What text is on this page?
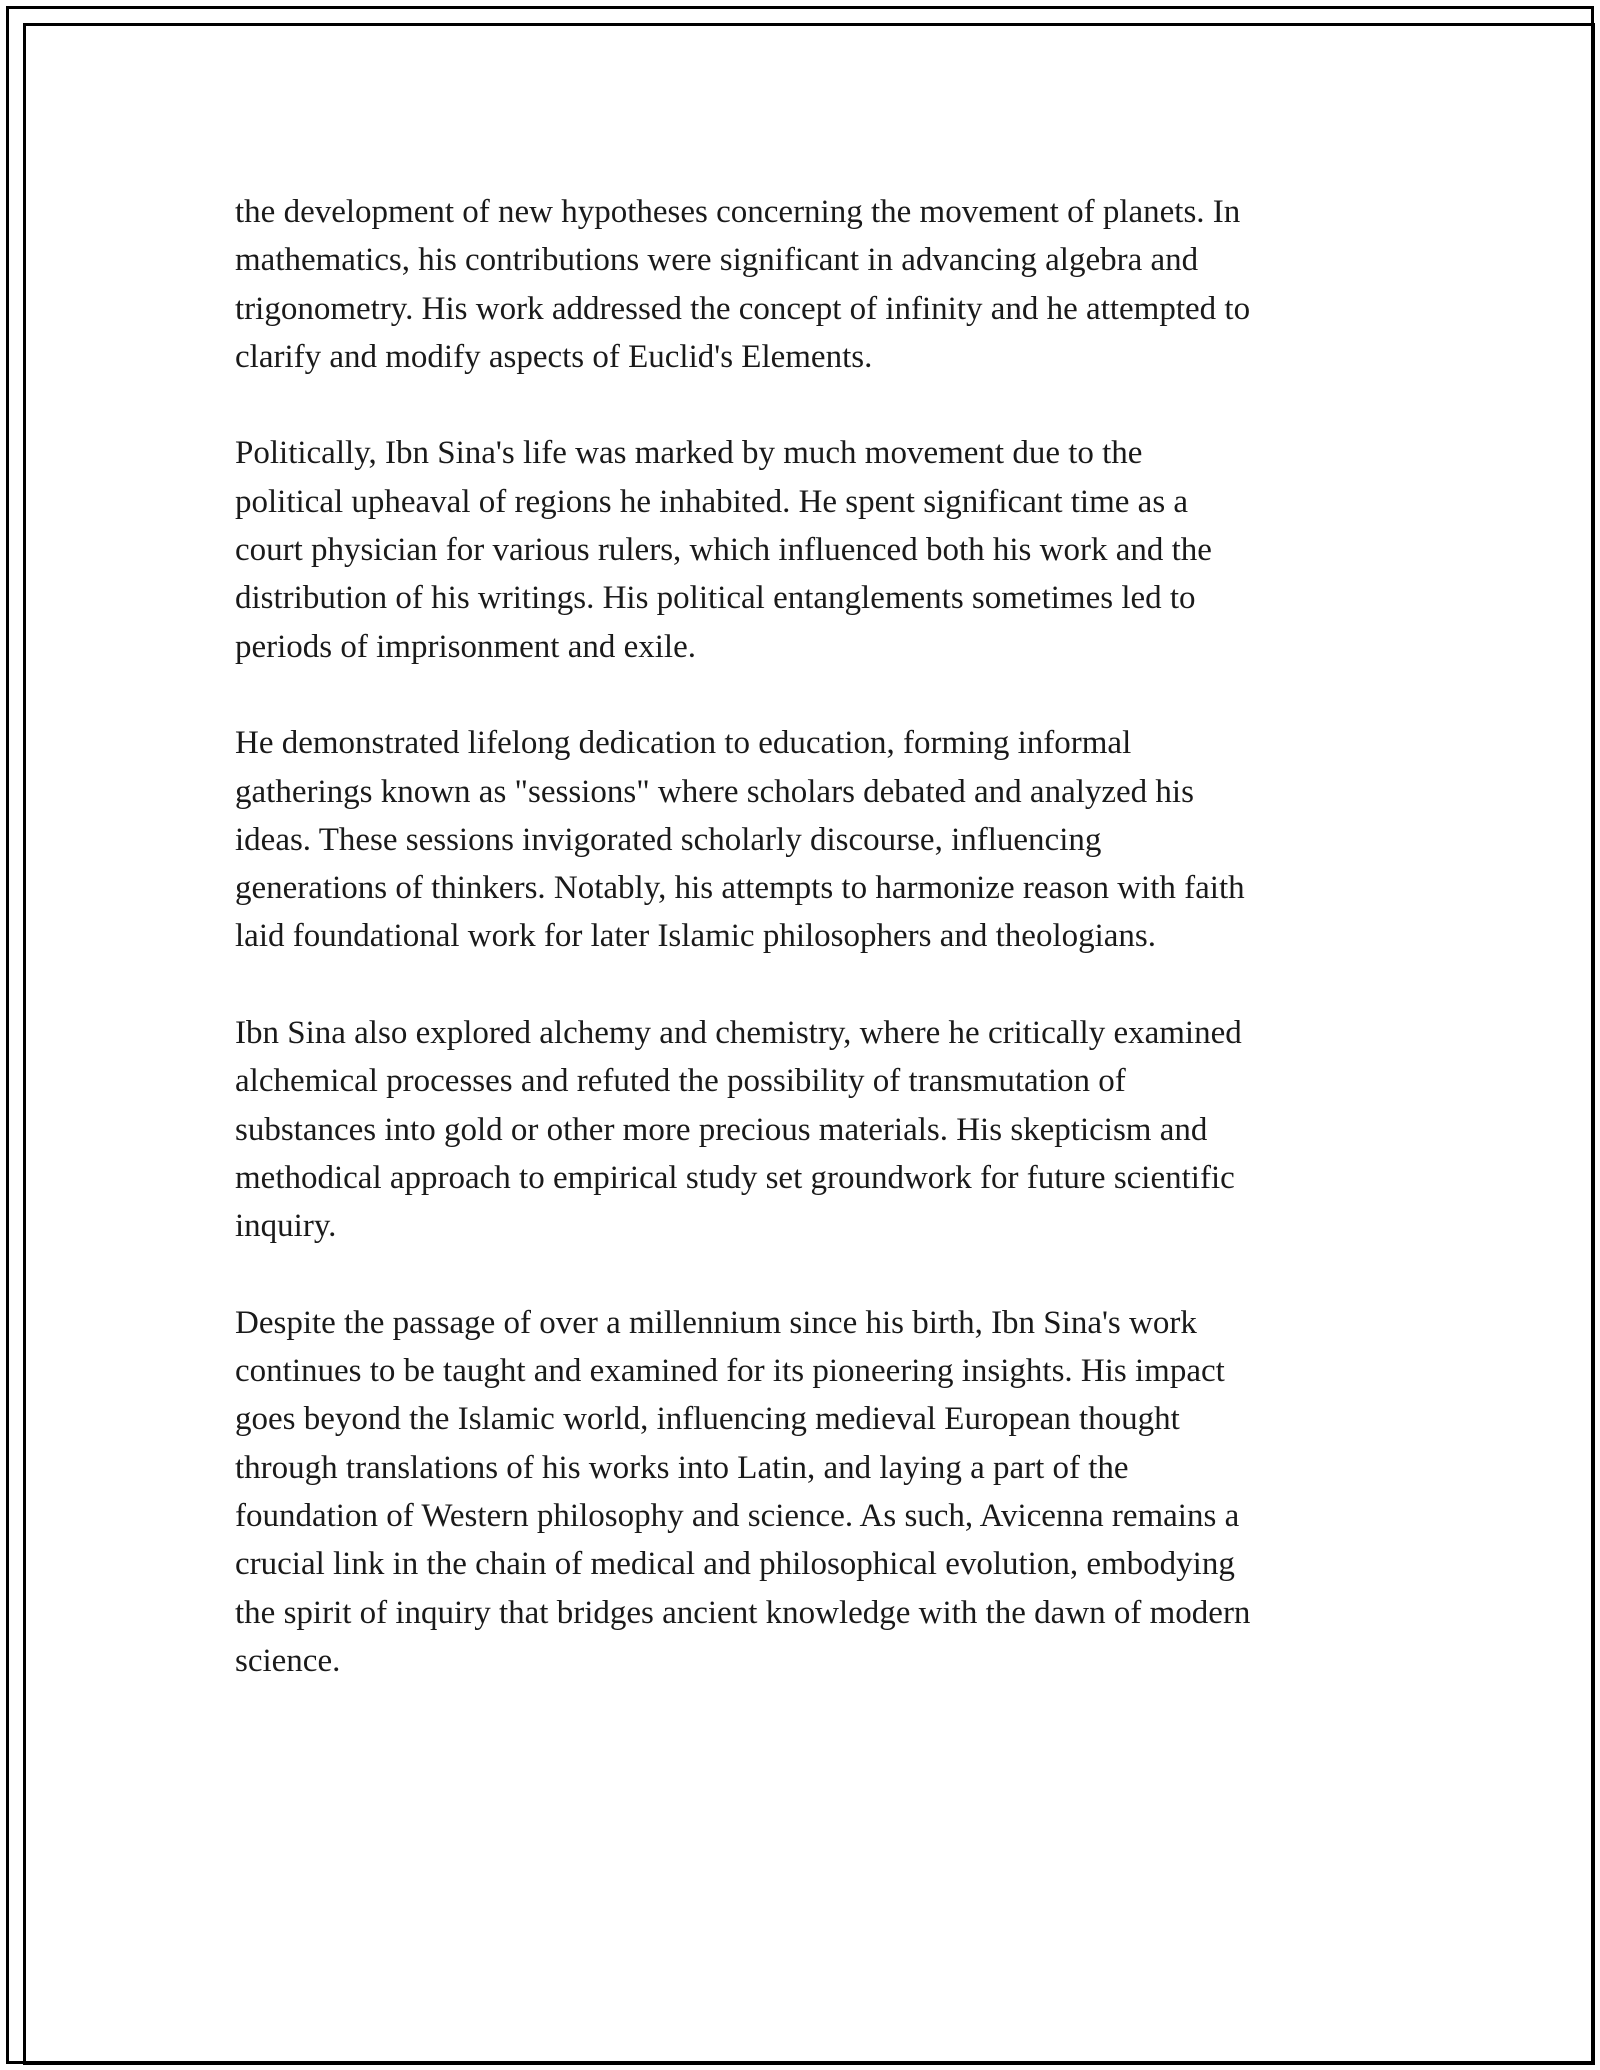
the development of new hypotheses concerning the movement of planets. In
mathematics, his contributions were significant in advancing algebra and
trigonometry. His work addressed the concept of infinity and he attempted to
clarify and modify aspects of Euclid's Elements.

Politically, Ibn Sina's life was marked by much movement due to the
political upheaval of regions he inhabited. He spent significant time as a
court physician for various rulers, which influenced both his work and the
distribution of his writings. His political entanglements sometimes led to
periods of imprisonment and exile.

He demonstrated lifelong dedication to education, forming informal
gatherings known as "sessions" where scholars debated and analyzed his
ideas. These sessions invigorated scholarly discourse, influencing
generations of thinkers. Notably, his attempts to harmonize reason with faith
laid foundational work for later Islamic philosophers and theologians.

Ibn Sina also explored alchemy and chemistry, where he critically examined
alchemical processes and refuted the possibility of transmutation of
substances into gold or other more precious materials. His skepticism and
methodical approach to empirical study set groundwork for future scientific
inquiry.

Despite the passage of over a millennium since his birth, Ibn Sina's work
continues to be taught and examined for its pioneering insights. His impact
goes beyond the Islamic world, influencing medieval European thought
through translations of his works into Latin, and laying a part of the
foundation of Western philosophy and science. As such, Avicenna remains a
crucial link in the chain of medical and philosophical evolution, embodying
the spirit of inquiry that bridges ancient knowledge with the dawn of modern
science.
